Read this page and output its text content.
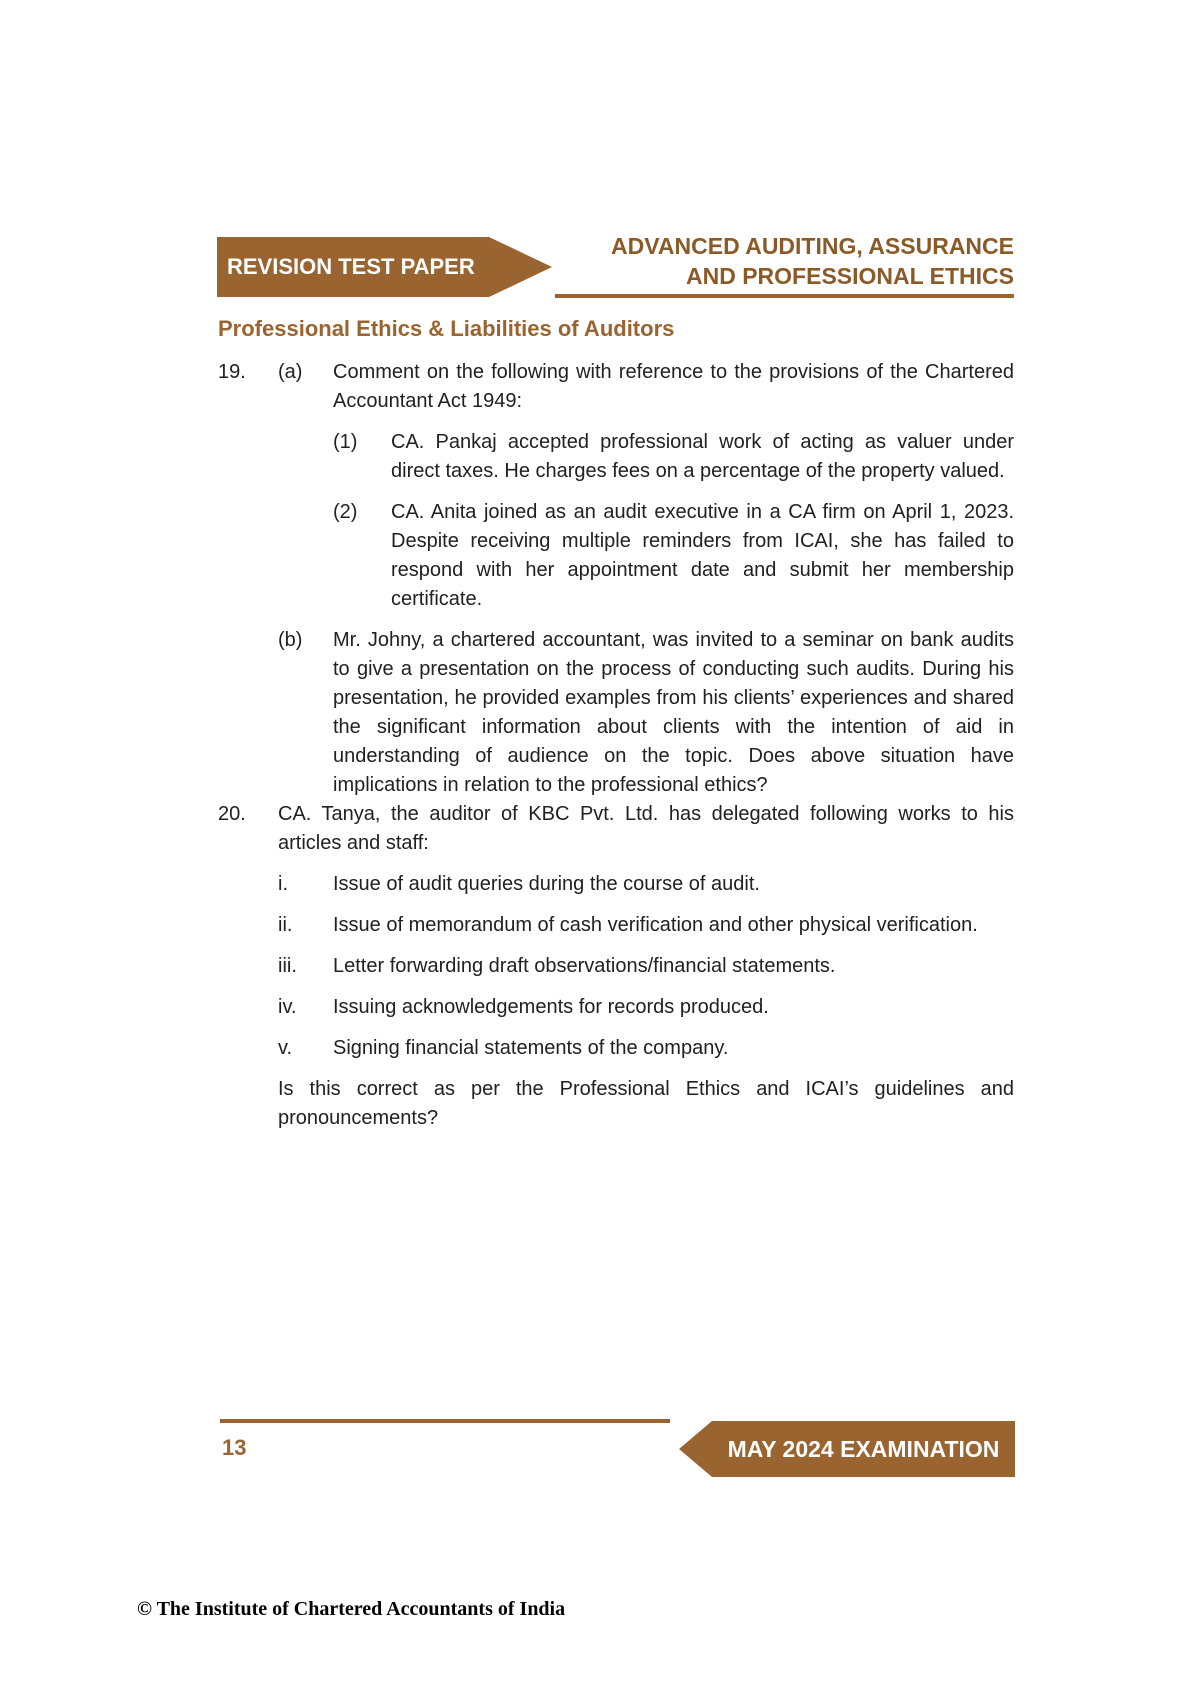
REVISION TEST PAPER
ADVANCED AUDITING, ASSURANCE
AND PROFESSIONAL ETHICS
Professional Ethics & Liabilities of Auditors
19.	(a)	Comment on the following with reference to the provisions of the Chartered Accountant Act 1949:

(1)	CA. Pankaj accepted professional work of acting as valuer under direct taxes. He charges fees on a percentage of the property valued.

(2)	CA. Anita joined as an audit executive in a CA firm on April 1, 2023. Despite receiving multiple reminders from ICAI, she has failed to respond with her appointment date and submit her membership certificate.

(b)	Mr. Johny, a chartered accountant, was invited to a seminar on bank audits to give a presentation on the process of conducting such audits. During his presentation, he provided examples from his clients’ experiences and shared the significant information about clients with the intention of aid in understanding of audience on the topic. Does above situation have implications in relation to the professional ethics?

20.	CA. Tanya, the auditor of KBC Pvt. Ltd. has delegated following works to his articles and staff:

i.	Issue of audit queries during the course of audit.

ii.	Issue of memorandum of cash verification and other physical verification.

iii.	Letter forwarding draft observations/financial statements.

iv.	Issuing acknowledgements for records produced.

v.	Signing financial statements of the company.

Is this correct as per the Professional Ethics and ICAI’s guidelines and pronouncements?

13	MAY 2024 EXAMINATION
© The Institute of Chartered Accountants of India
